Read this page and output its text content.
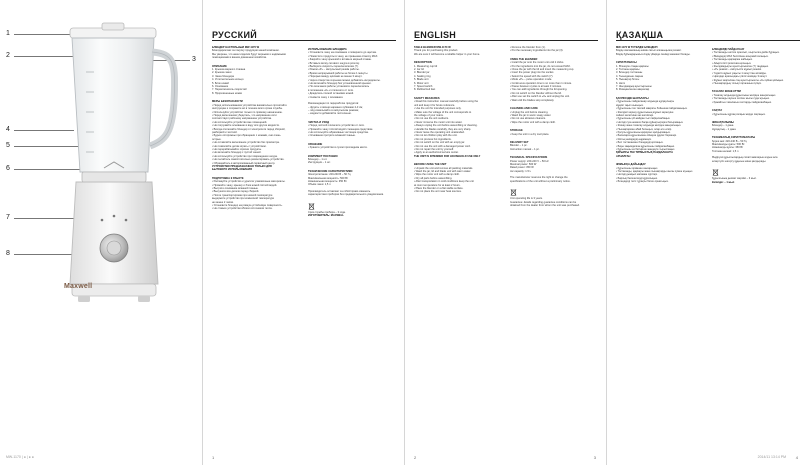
1
2
3
4
5
6
7
8
Maxwell
MW-1170 | ● | ● ●
РУССКИЙ
БЛЕНДЕР НАСТОЛЬНЫЙ MW-1170 W
Благодарим вас за покупку продукции нашей компании.
Мы уверены, что наши изделия будут верными и надёжными
помощниками в вашем домашнем хозяйстве.
ОПИСАНИЕ
1. Крышка мерного стакана
2. Крышка чаши
3. Чаша блендера
4. Уплотнительное кольцо
5. Блок ножей
6. Основание
7. Переключатель скоростей
8. Прорезиненные ножки
МЕРЫ БЕЗОПАСНОСТИ
• Перед использованием устройства внимательно прочитайте
инструкцию и сохраните её в течение всего срока службы.
• Используйте устройство только по прямому назначению.
• Перед включением убедитесь, что напряжение сети
соответствует рабочему напряжению устройства.
• Не используйте устройство вне помещений.
• Не погружайте основание в воду или другие жидкости.
• Всегда отключайте блендер от электросети перед сборкой,
разборкой и чисткой.
• Будьте осторожны при обращении с ножами, они очень
острые.
• Не оставляйте включённое устройство без присмотра.
• Не позволяйте детям играть с устройством.
• Не перерабатывайте горячие продукты.
• Не включайте блендер с пустой чашей.
• Не используйте устройство при повреждении шнура.
• Не пытайтесь самостоятельно ремонтировать устройство.
• Обращайтесь в авторизованный сервисный центр.
УСТРОЙСТВО ПРЕДНАЗНАЧЕНО ТОЛЬКО ДЛЯ
БЫТОВОГО ИСПОЛЬЗОВАНИЯ
ПОДГОТОВКА К РАБОТЕ
• Распакуйте устройство и удалите упаковочные материалы.
• Промойте чашу, крышку и блок ножей тёплой водой.
• Вытрите основание влажной тканью.
• Высушите все детали перед сборкой.
• После транспортировки при низкой температуре
выдержите устройство при комнатной температуре
не менее 2 часов.
• Установите блендер на ровную устойчивую поверхность.
• Не ставьте устройство вблизи источников тепла.
ИСПОЛЬЗОВАНИЕ БЛЕНДЕРА
• Установите чашу на основание и поверните до щелчка.
• Поместите продукты в чашу, не превышая отметку MAX.
• Закройте чашу крышкой и вставьте мерный стакан.
• Вставьте вилку сетевого шнура в розетку.
• Выберите скорость переключателем (7).
• Режим «P» – импульсный режим работы.
• Время непрерывной работы не более 1 минуты.
• Перерыв между циклами не менее 3 минут.
• Через отверстие в крышке можно добавлять ингредиенты.
• Не включайте блендер без установленной крышки.
• По окончании работы установите переключатель
в положение «0» и отключите от сети.
• Дождитесь полной остановки ножей.
• Снимите чашу с основания.
Рекомендации по переработке продуктов:
– фрукты и овощи нарежьте кубиками 2-3 см;
– лёд измельчайте в импульсном режиме;
– жидкости добавляйте постепенно.
ЧИСТКА И УХОД
• Перед чисткой отключите устройство от сети.
• Промойте чашу тёплой водой с моющим средством.
• Не используйте абразивные чистящие средства.
• Основание протрите влажной тканью.
ХРАНЕНИЕ
• Храните устройство в сухом прохладном месте.
КОМПЛЕКТ ПОСТАВКИ
Блендер – 1 шт.
Инструкция – 1 шт.
ТЕХНИЧЕСКИЕ ХАРАКТЕРИСТИКИ
Электропитание: 220-240 В ~ 50 Гц
Максимальная мощность: 500 Вт
Номинальная мощность: 350 Вт
Объём чаши: 1,5 л
Производитель оставляет за собой право изменять
характеристики приборов без предварительного уведомления.
Срок службы прибора – 3 года.
ИЗГОТОВИТЕЛЬ: MAXWELL
1
ENGLISH
TABLE BLENDER MW-1170 W
Thank you for purchasing this product.
We are sure it will become a reliable helper in your home.
DESCRIPTION
1. Measuring cup lid
2. Jar lid
3. Blender jar
4. Sealing ring
5. Blade unit
6. Motor unit
7. Speed switch
8. Rubberized feet
SAFETY MEASURES
• Read this instruction manual carefully before using the
unit and keep it for future reference.
• Use the unit for intended purposes only.
• Make sure the voltage of the unit corresponds to
the voltage of your mains.
• Do not use the unit outdoors.
• Never immerse the motor unit into water.
• Always unplug the unit before assembling or cleaning.
• Handle the blades carefully, they are very sharp.
• Never leave the operating unit unattended.
• Do not let children play with the unit.
• Do not process hot ingredients.
• Do not switch on the unit with an empty jar.
• Do not use the unit with a damaged power cord.
• Do not repair the unit by yourself.
• Apply to an authorized service center.
THE UNIT IS INTENDED FOR HOUSEHOLD USE ONLY
BEFORE USING THE UNIT
• Unpack the unit and remove all packing materials.
• Wash the jar, lid and blade unit with warm water.
• Wipe the motor unit with a damp cloth.
• Dry all parts before assembling.
• After transportation in cold conditions keep the unit
at room temperature for at least 2 hours.
• Place the blender on a flat stable surface.
• Do not place the unit near heat sources.
• Remove the blender from (1).
• Put the necessary ingredients into the jar (3).
USING THE BLENDER
• Install the jar onto the motor unit until it clicks.
• Put the ingredients into the jar, do not exceed MAX.
• Close the jar with the lid and insert the measuring cup.
• Insert the power plug into the socket.
• Select the speed with the switch (7).
• Mode «P» – pulse operation mode.
• Continuous operation time is no more than 1 minute.
• Pause between cycles is at least 3 minutes.
• You can add ingredients through the lid opening.
• Do not switch on the blender without the lid.
• After use set the switch to «0» and unplug the unit.
• Wait until the blades stop completely.
CLEANING AND CARE
• Unplug the unit before cleaning.
• Wash the jar in warm soapy water.
• Do not use abrasive cleaners.
• Wipe the motor unit with a damp cloth.
STORAGE
• Keep the unit in a dry cool place.
DELIVERY SET
Blender – 1 pc.
Instruction manual – 1 pc.
TECHNICAL SPECIFICATIONS
Power supply: 220-240 V ~ 50 Hz
Maximal power: 500 W
Rated power: 350 W
Jar capacity: 1.5 L
The manufacturer reserves the right to change the
specifications of the unit without a preliminary notice.
Unit operating life is 3 years.
Guarantee: details regarding guarantee conditions can be
obtained from the dealer from whom the unit was purchased.
2	3
ҚАЗАҚША
MW-1170 W ҮСТЕЛДІК БЛЕНДЕРІ
Біздің компанияның өнімін сатып алғаныңызға рахмет.
Біздің бұйымдарымыз сіздің үйіңізде сенімді көмекші болады.
СИПАТТАМАСЫ
1. Өлшеуіш стақан қақпағы
2. Тостаған қақпағы
3. Блендер тостағаны
4. Тығыздағыш сақина
5. Пышақтар блогы
6. Негіз
7. Жылдамдық ауыстырғышы
8. Резеңкеленген аяқшалар
ҚАУІПСІЗДІК ШАРАЛАРЫ
• Құрылғыны пайдаланар алдында нұсқаулықты
мұқият оқып шығыңыз.
• Құрылғыны тек тікелей мақсаты бойынша пайдаланыңыз.
• Желідегі кернеу құрылғының жұмыс кернеуіне
сәйкес келетініне көз жеткізіңіз.
• Құрылғыны үй-жайдан тыс пайдаланбаңыз.
• Негізді суға немесе басқа сұйықтықтарға батырмаңыз.
• Жинау және тазалау алдында желіден ажыратыңыз.
• Пышақтармен абай болыңыз, олар өте өткір.
• Қосулы құрылғыны қараусыз қалдырмаңыз.
• Балаларға құрылғымен ойнауға рұқсат бермеңіз.
• Ыстық өнімдерді өңдемеңіз.
• Бос тостағанмен блендерді қоспаңыз.
• Бауы зақымдалған құрылғыны пайдаланбаңыз.
• Құрылғыны өз бетіңізше жөндеуге тырыспаңыз.
ҚҰРЫЛҒЫ ТЕК ТҰРМЫСТЫҚ ПАЙДАЛАНУҒА
АРНАЛҒАН
ЖҰМЫСҚА ДАЙЫНДАУ
• Құрылғыны орамнан шығарыңыз.
• Тостағанды, қақпақты және пышақтарды жылы сумен жуыңыз.
• Негізді дымқыл матамен сүртіңіз.
• Барлық бөлшектерді құрғатыңыз.
• Блендерді тегіс тұрақты бетке орнатыңыз.
БЛЕНДЕРДІ ПАЙДАЛАНУ
• Тостағанды негізге орнатып, шыртылға дейін бұраңыз.
• Өнімдерді MAX белгісінен асырмай салыңыз.
• Тостағанды қақпақпен жабыңыз.
• Айыртетікті розеткаға қосыңыз.
• Жылдамдықты ауыстырғышпен (7) таңдаңыз.
• «P» режимі – импульстік жұмыс режимі.
• Үздіксіз жұмыс уақыты 1 минуттан аспайды.
• Циклдар арасындағы үзіліс кемінде 3 минут.
• Жұмыс аяқталған соң ауыстырғышты «0» күйіне қойыңыз.
• Пышақтардың толық тоқтағанын күтіңіз.
ТАЗАЛАУ ЖӘНЕ КҮТІМ
• Тазалау алдында құрылғыны желіден ажыратыңыз.
• Тостағанды жуғыш затпен жылы суда жуыңыз.
• Қажайтын тазалағыш заттарды пайдаланбаңыз.
САҚТАУ
• Құрылғыны құрғақ салқын жерде сақтаңыз.
ЖИНАҚТАЛЫМЫ
Блендер – 1 дана
Нұсқаулық – 1 дана
ТЕХНИКАЛЫҚ СИПАТТАМАЛАРЫ
Қорек көзі: 220-240 В ~ 50 Гц
Максималды қуаты: 500 Вт
Номиналды қуаты: 350 Вт
Тостаған көлемі: 1,5 л
Өндіруші құрылғылардың сипаттамаларын алдын ала
ескертусіз өзгерту құқығын өзіне қалдырады.
Құрылғының қызмет мерзімі – 3 жыл.
Кепілдік: – 1 жыл
4
2014/11 13:14 PM
